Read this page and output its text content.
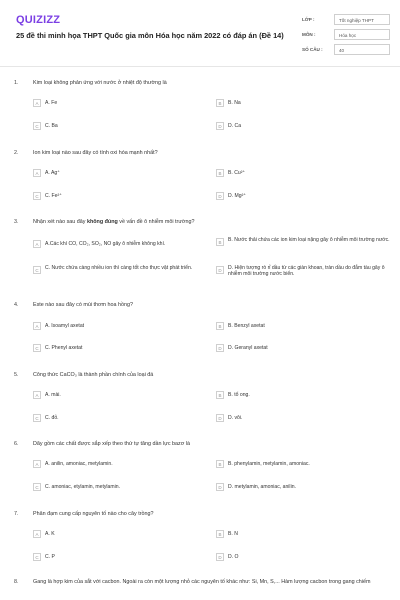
QUIZIZZ
25 đề thi minh họa THPT Quốc gia môn Hóa học năm 2022 có đáp án (Đề 14)
LỚP :	Tốt nghiệp THPT
MÔN :	Hóa học
SỐ CÂU :	40
1.	Kim loại không phản ứng với nước ở nhiệt độ thường là
A	A. Fe	B	B. Na
C	C. Ba	D	D. Ca
2.	Ion kim loại nào sau đây có tính oxi hóa mạnh nhất?
A	A. Ag⁺	B	B. Cu²⁺
C	C. Fe²⁺	D	D. Mg²⁺
3.	Nhận xét nào sau đây không đúng về vấn đề ô nhiễm môi trường?
A	A.Các khí CO, CO₂, SO₂, NO gây ô nhiễm không khí.	B	B. Nước thải chứa các ion kim loại nặng gây ô nhiễm môi trường nước.
C	C. Nước chứa càng nhiều ion thì càng tốt cho thực vật phát triển.	D	D. Hiện tượng rò rỉ dầu từ các giàn khoan, tràn dầu do đắm tàu gây ô nhiễm môi trường nước biển.
4.	Este nào sau đây có mùi thơm hoa hồng?
A	A. Isoamyl axetat	B	B. Benzyl axetat
C	C. Phenyl axetat	D	D. Geranyl axetat
5.	Công thức CaCO₃ là thành phần chính của loại đá
A	A. mài.	B	B. tổ ong.
C	C. đỏ.	D	D. vôi.
6.	Dãy gồm các chất được sắp xếp theo thứ tự tăng dần lực bazơ là
A	A. anilin, amoniac, metylamin.	B	B. phenylamin, metylamin, amoniac.
C	C. amoniac, etylamin, metylamin.	D	D. metylamin, amoniac, anilin.
7.	Phân đạm cung cấp nguyên tố nào cho cây trồng?
A	A. K	B	B. N
C	C. P	D	D. O
8.	Gang là hợp kim của sắt với cacbon. Ngoài ra còn một lượng nhỏ các nguyên tố khác như: Si, Mn, S,... Hàm lượng cacbon trong gang chiếm
